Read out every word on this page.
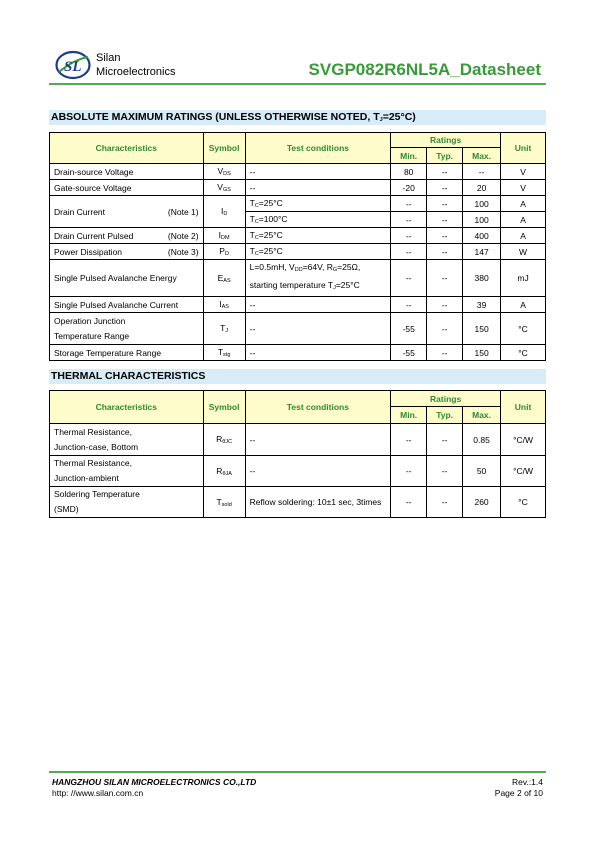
SL
Silan
Microelectronics	SVGP082R6NL5A_Datasheet
ABSOLUTE MAXIMUM RATINGS (UNLESS OTHERWISE NOTED, $T_J=25^\circ C$)
Characteristics	Symbol	Test conditions	Ratings			Unit
			Min.	Typ.	Max.	
Drain-source Voltage	$V_{DS}$	--	80	--	--	V
Gate-source Voltage	$V_{GS}$	--	-20	--	20	V
Drain Current (Note 1)	$I_D$	$T_C=25^\circ C$	--	--	100	A
		$T_C=100^\circ C$	--	--	100	A
Drain Current Pulsed (Note 2)	$I_{DM}$	$T_C=25^\circ C$	--	--	400	A
Power Dissipation (Note 3)	$P_D$	$T_C=25^\circ C$	--	--	147	W
Single Pulsed Avalanche Energy	$E_{AS}$	L=0.5mH, $V_{DD}=64V$, $R_G=25\Omega$,
starting temperature $T_J=25^\circ C$	--	--	380	mJ
Single Pulsed Avalanche Current	$I_{AS}$	--	--	--	39	A

Operation Junction
Temperature Range	$T_J$	--	-55	--	150	°C
Storage Temperature Range	$T_{stg}$	--	-55	--	150	°C
THERMAL CHARACTERISTICS
Characteristics	Symbol	Test conditions	Ratings			Unit
			Min.	Typ.	Max.	

Thermal Resistance,
Junction-case, Bottom	$R_{\theta JC}$	--	--	--	0.85	°C/W

Thermal Resistance,
Junction-ambient	$R_{\theta JA}$	--	--	--	50	°C/W

Soldering Temperature
(SMD)	$T_{sold}$	Reflow soldering: 10±1 sec, 3times	--	--	260	°C
HANGZHOU SILAN MICROELECTRONICS CO.,LTD
http: //www.silan.com.cn
Rev.:1.4
Page 2 of 10
